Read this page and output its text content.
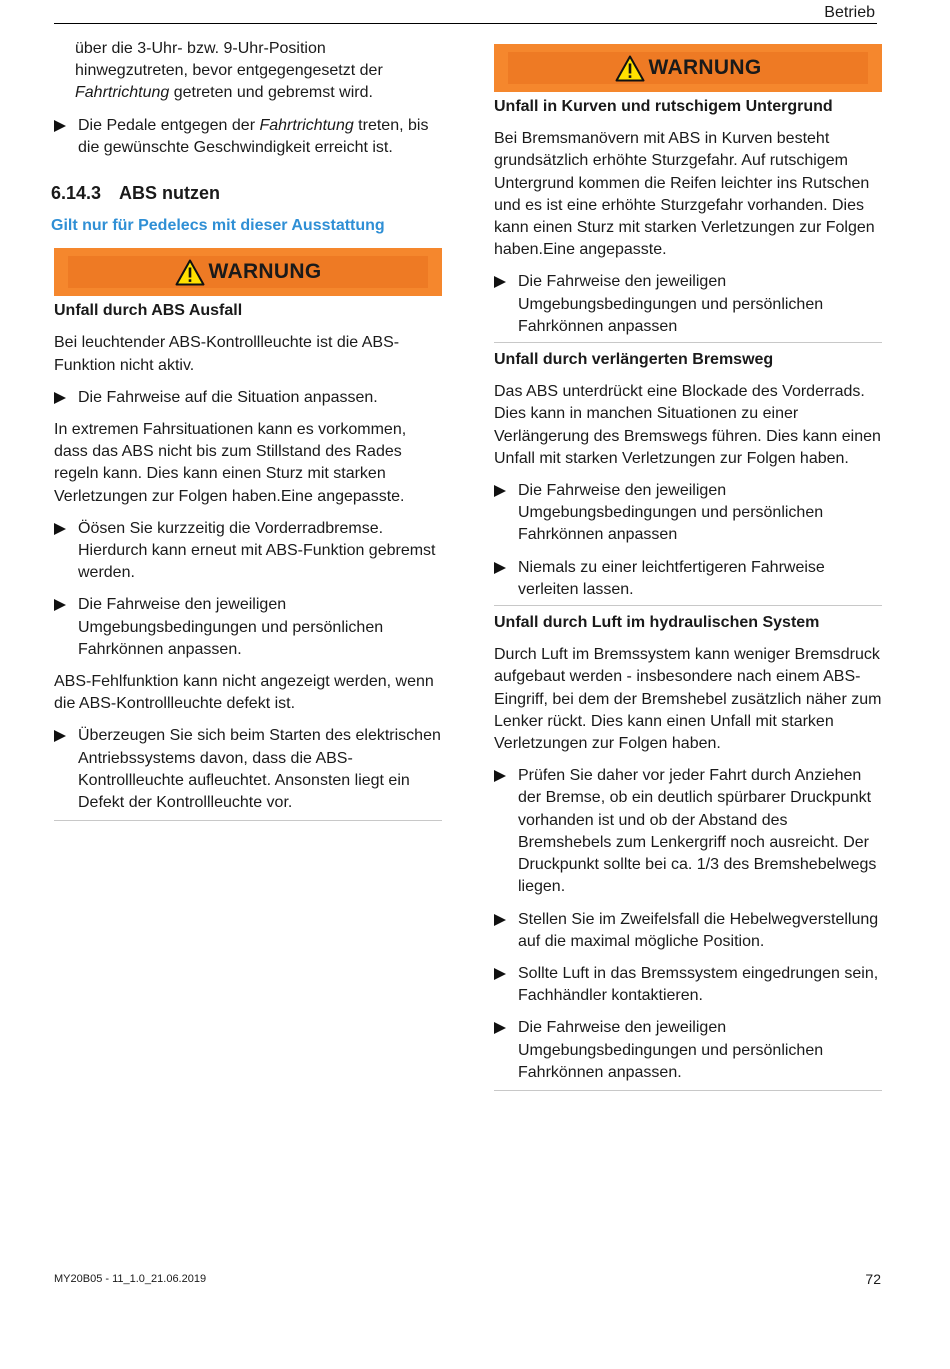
Betrieb

über die 3-Uhr- bzw. 9-Uhr-Position hinwegzutreten, bevor entgegengesetzt der Fahrtrichtung getreten und gebremst wird.

Die Pedale entgegen der Fahrtrichtung treten, bis die gewünschte Geschwindigkeit erreicht ist.
6.14.3 ABS nutzen
Gilt nur für Pedelecs mit dieser Ausstattung
WARNUNG
Unfall durch ABS Ausfall

Bei leuchtender ABS-Kontrollleuchte ist die ABS-Funktion nicht aktiv.

Die Fahrweise auf die Situation anpassen.

In extremen Fahrsituationen kann es vorkommen, dass das ABS nicht bis zum Stillstand des Rades regeln kann. Dies kann einen Sturz mit starken Verletzungen zur Folgen haben.Eine angepasste.

Öösen Sie kurzzeitig die Vorderradbremse. Hierdurch kann erneut mit ABS-Funktion gebremst werden.
Die Fahrweise den jeweiligen Umgebungsbedingungen und persönlichen Fahrkönnen anpassen.

ABS-Fehlfunktion kann nicht angezeigt werden, wenn die ABS-Kontrollleuchte defekt ist.

Überzeugen Sie sich beim Starten des elektrischen Antriebssystems davon, dass die ABS-Kontrollleuchte aufleuchtet. Ansonsten liegt ein Defekt der Kontrollleuchte vor.
WARNUNG
Unfall in Kurven und rutschigem Untergrund

Bei Bremsmanövern mit ABS in Kurven besteht grundsätzlich erhöhte Sturzgefahr. Auf rutschigem Untergrund kommen die Reifen leichter ins Rutschen und es ist eine erhöhte Sturzgefahr vorhanden. Dies kann einen Sturz mit starken Verletzungen zur Folgen haben.Eine angepasste.

Die Fahrweise den jeweiligen Umgebungsbedingungen und persönlichen Fahrkönnen anpassen
Unfall durch verlängerten Bremsweg

Das ABS unterdrückt eine Blockade des Vorderrads. Dies kann in manchen Situationen zu einer Verlängerung des Bremswegs führen. Dies kann einen Unfall mit starken Verletzungen zur Folgen haben.

Die Fahrweise den jeweiligen Umgebungsbedingungen und persönlichen Fahrkönnen anpassen
Niemals zu einer leichtfertigeren Fahrweise verleiten lassen.
Unfall durch Luft im hydraulischen System

Durch Luft im Bremssystem kann weniger Bremsdruck aufgebaut werden - insbesondere nach einem ABS-Eingriff, bei dem der Bremshebel zusätzlich näher zum Lenker rückt. Dies kann einen Unfall mit starken Verletzungen zur Folgen haben.

Prüfen Sie daher vor jeder Fahrt durch Anziehen der Bremse, ob ein deutlich spürbarer Druckpunkt vorhanden ist und ob der Abstand des Bremshebels zum Lenkergriff noch ausreicht. Der Druckpunkt sollte bei ca. 1/3 des Bremshebelwegs liegen.
Stellen Sie im Zweifelsfall die Hebelwegverstellung auf die maximal mögliche Position.
Sollte Luft in das Bremssystem eingedrungen sein, Fachhändler kontaktieren.
Die Fahrweise den jeweiligen Umgebungsbedingungen und persönlichen Fahrkönnen anpassen.
MY20B05 - 11_1.0_21.06.2019	72
